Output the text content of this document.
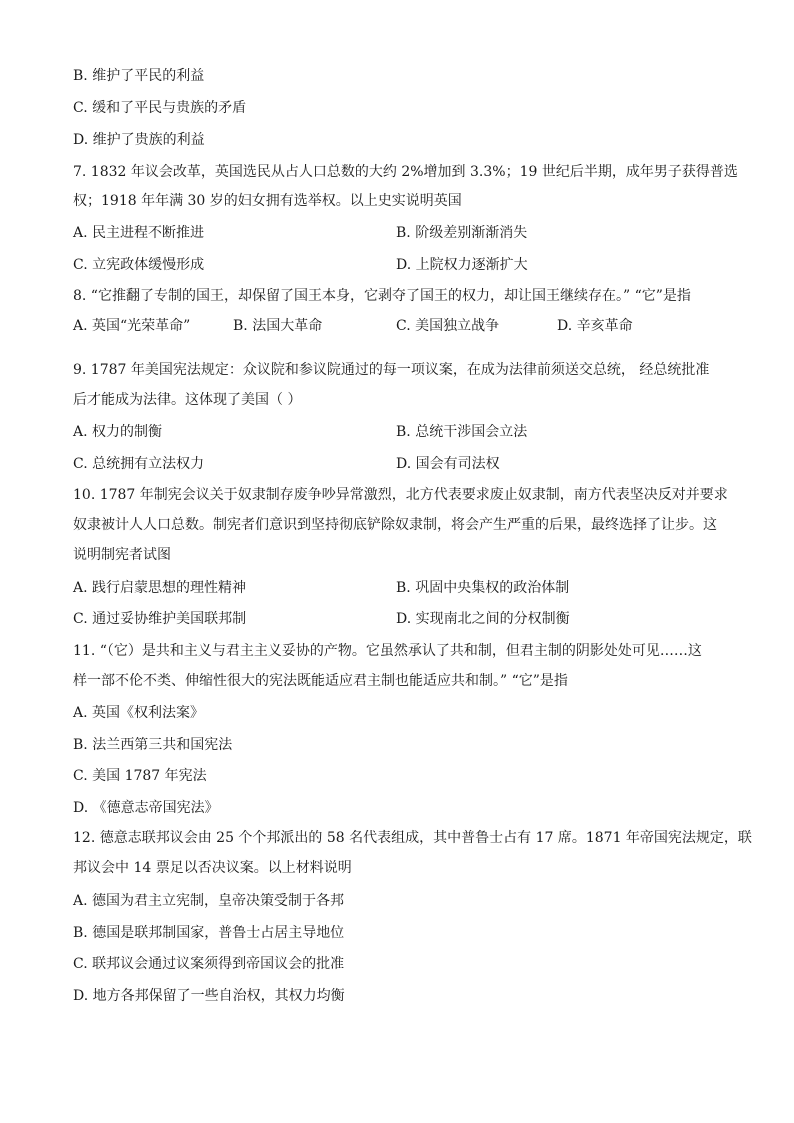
B. 维护了平民的利益
C. 缓和了平民与贵族的矛盾
D. 维护了贵族的利益
7. 1832 年议会改革，英国选民从占人口总数的大约 2%增加到 3.3%；19 世纪后半期，成年男子获得普选
权；1918 年年满 30 岁的妇女拥有选举权。以上史实说明英国
A. 民主进程不断推进	B. 阶级差别渐渐消失
C. 立宪政体缓慢形成	D. 上院权力逐渐扩大
8. “它推翻了专制的国王，却保留了国王本身，它剥夺了国王的权力，却让国王继续存在。” “它”是指
A. 英国“光荣革命”	B. 法国大革命	C. 美国独立战争	D. 辛亥革命
9. 1787 年美国宪法规定：众议院和参议院通过的每一项议案，在成为法律前须送交总统， 经总统批准
后才能成为法律。这体现了美国（ ）
A. 权力的制衡	B. 总统干涉国会立法
C. 总统拥有立法权力	D. 国会有司法权
10. 1787 年制宪会议关于奴隶制存废争吵异常激烈，北方代表要求废止奴隶制，南方代表坚决反对并要求
奴隶被计人人口总数。制宪者们意识到坚持彻底铲除奴隶制，将会产生严重的后果，最终选择了让步。这
说明制宪者试图
A. 践行启蒙思想的理性精神	B. 巩固中央集权的政治体制
C. 通过妥协维护美国联邦制	D. 实现南北之间的分权制衡
11. “（它）是共和主义与君主主义妥协的产物。它虽然承认了共和制，但君主制的阴影处处可见……这
样一部不伦不类、伸缩性很大的宪法既能适应君主制也能适应共和制。” “它”是指
A. 英国《权利法案》
B. 法兰西第三共和国宪法
C. 美国 1787 年宪法
D. 《德意志帝国宪法》
12. 德意志联邦议会由 25 个个邦派出的 58 名代表组成，其中普鲁士占有 17 席。1871 年帝国宪法规定，联
邦议会中 14 票足以否决议案。以上材料说明
A. 德国为君主立宪制，皇帝决策受制于各邦
B. 德国是联邦制国家，普鲁士占居主导地位
C. 联邦议会通过议案须得到帝国议会的批准
D. 地方各邦保留了一些自治权，其权力均衡
